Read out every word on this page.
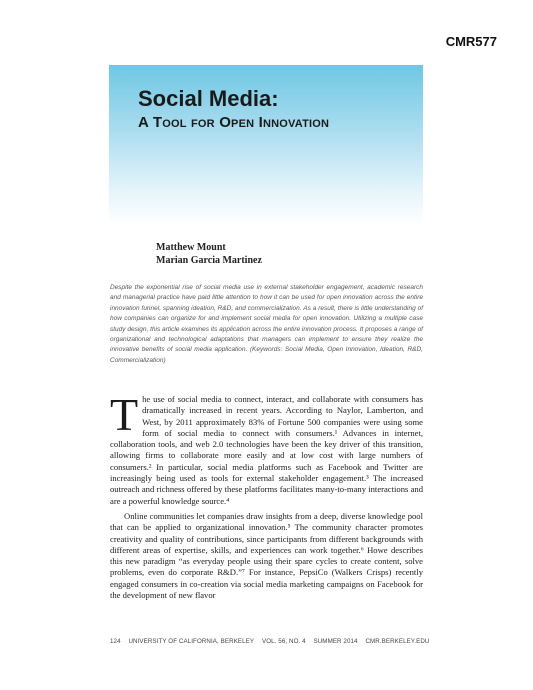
CMR577
Social Media:
A Tool for Open Innovation
Matthew Mount
Marian Garcia Martinez

Despite the exponential rise of social media use in external stakeholder engagement, academic research and managerial practice have paid little attention to how it can be used for open innovation across the entire innovation funnel, spanning ideation, R&D, and commercialization. As a result, there is little understanding of how companies can organize for and implement social media for open innovation. Utilizing a multiple case study design, this article examines its application across the entire innovation process. It proposes a range of organizational and technological adaptations that managers can implement to ensure they realize the innovative benefits of social media application. (Keywords: Social Media, Open Innovation, Ideation, R&D, Commercialization)

T he use of social media to connect, interact, and collaborate with consumers has dramatically increased in recent years. According to Naylor, Lamberton, and West, by 2011 approximately 83% of Fortune 500 companies were using some form of social media to connect with consumers.¹ Advances in internet, collaboration tools, and web 2.0 technologies have been the key driver of this transition, allowing firms to collaborate more easily and at low cost with large numbers of consumers.² In particular, social media platforms such as Facebook and Twitter are increasingly being used as tools for external stakeholder engagement.³ The increased outreach and richness offered by these platforms facilitates many-to-many interactions and are a powerful knowledge source.⁴

Online communities let companies draw insights from a deep, diverse knowledge pool that can be applied to organizational innovation.⁵ The community character promotes creativity and quality of contributions, since participants from different backgrounds with different areas of expertise, skills, and experiences can work together.⁶ Howe describes this new paradigm “as everyday people using their spare cycles to create content, solve problems, even do corporate R&D.”⁷ For instance, PepsiCo (Walkers Crisps) recently engaged consumers in co-creation via social media marketing campaigns on Facebook for the development of new flavor

124 UNIVERSITY OF CALIFORNIA, BERKELEY VOL. 56, NO. 4 SUMMER 2014 CMR.BERKELEY.EDU
